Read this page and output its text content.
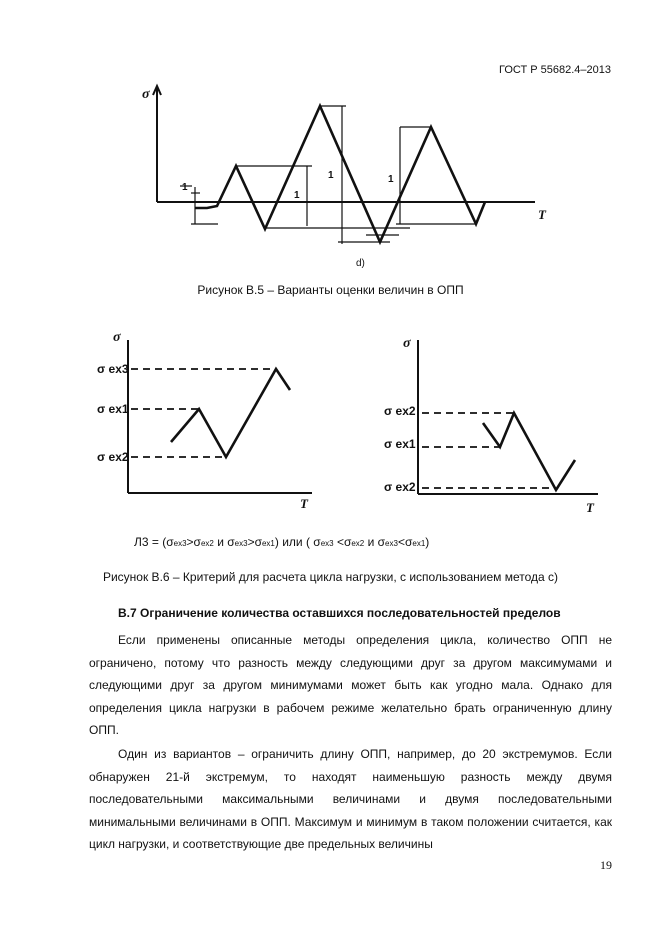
ГОСТ Р 55682.4–2013
σ
T
1
1
1	1
d)
Рисунок В.5 – Варианты оценки величин в ОПП
σ
T
σ ex3
σ ex1
σ ex2
σ
T
σ ex2
σ ex1
σ ex2
Л3 = (σex3>σex2 и σex3>σex1) или ( σex3 <σex2 и σex3<σex1)
Рисунок В.6 – Критерий для расчета цикла нагрузки, с использованием метода с)
В.7 Ограничение количества оставшихся последовательностей пределов
Если применены описанные методы определения цикла, количество ОПП не ограничено, потому что разность между следующими друг за другом максимумами и следующими друг за другом минимумами может быть как угодно мала. Однако для определения цикла нагрузки в рабочем режиме желательно брать ограниченную длину ОПП.
Один из вариантов – ограничить длину ОПП, например, до 20 экстремумов. Если обнаружен 21-й экстремум, то находят наименьшую разность между двумя последовательными максимальными величинами и двумя последовательными минимальными величинами в ОПП. Максимум и минимум в таком положении считается, как цикл нагрузки, и соответствующие две предельных величины
19
